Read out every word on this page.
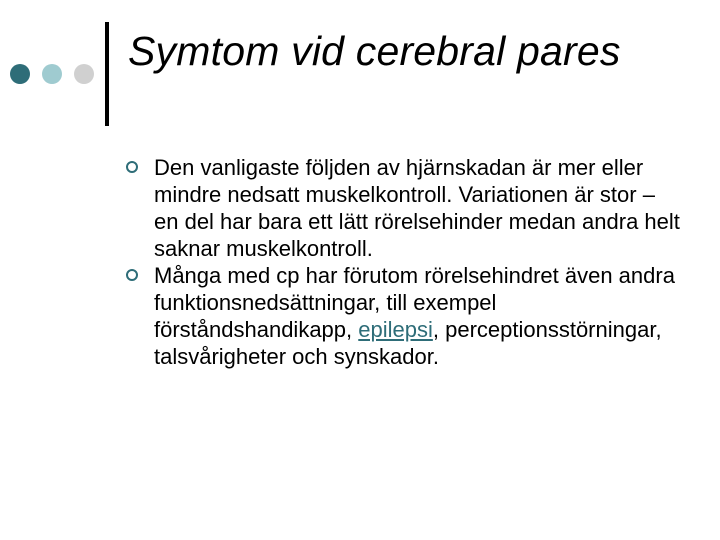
Symtom vid cerebral pares
Den vanligaste följden av hjärnskadan är mer eller mindre nedsatt muskelkontroll. Variationen är stor – en del har bara ett lätt rörelsehinder medan andra helt saknar muskelkontroll.
Många med cp har förutom rörelsehindret även andra funktionsnedsättningar, till exempel förståndshandikapp, epilepsi, perceptionsstörningar, talsvårigheter och synskador.
